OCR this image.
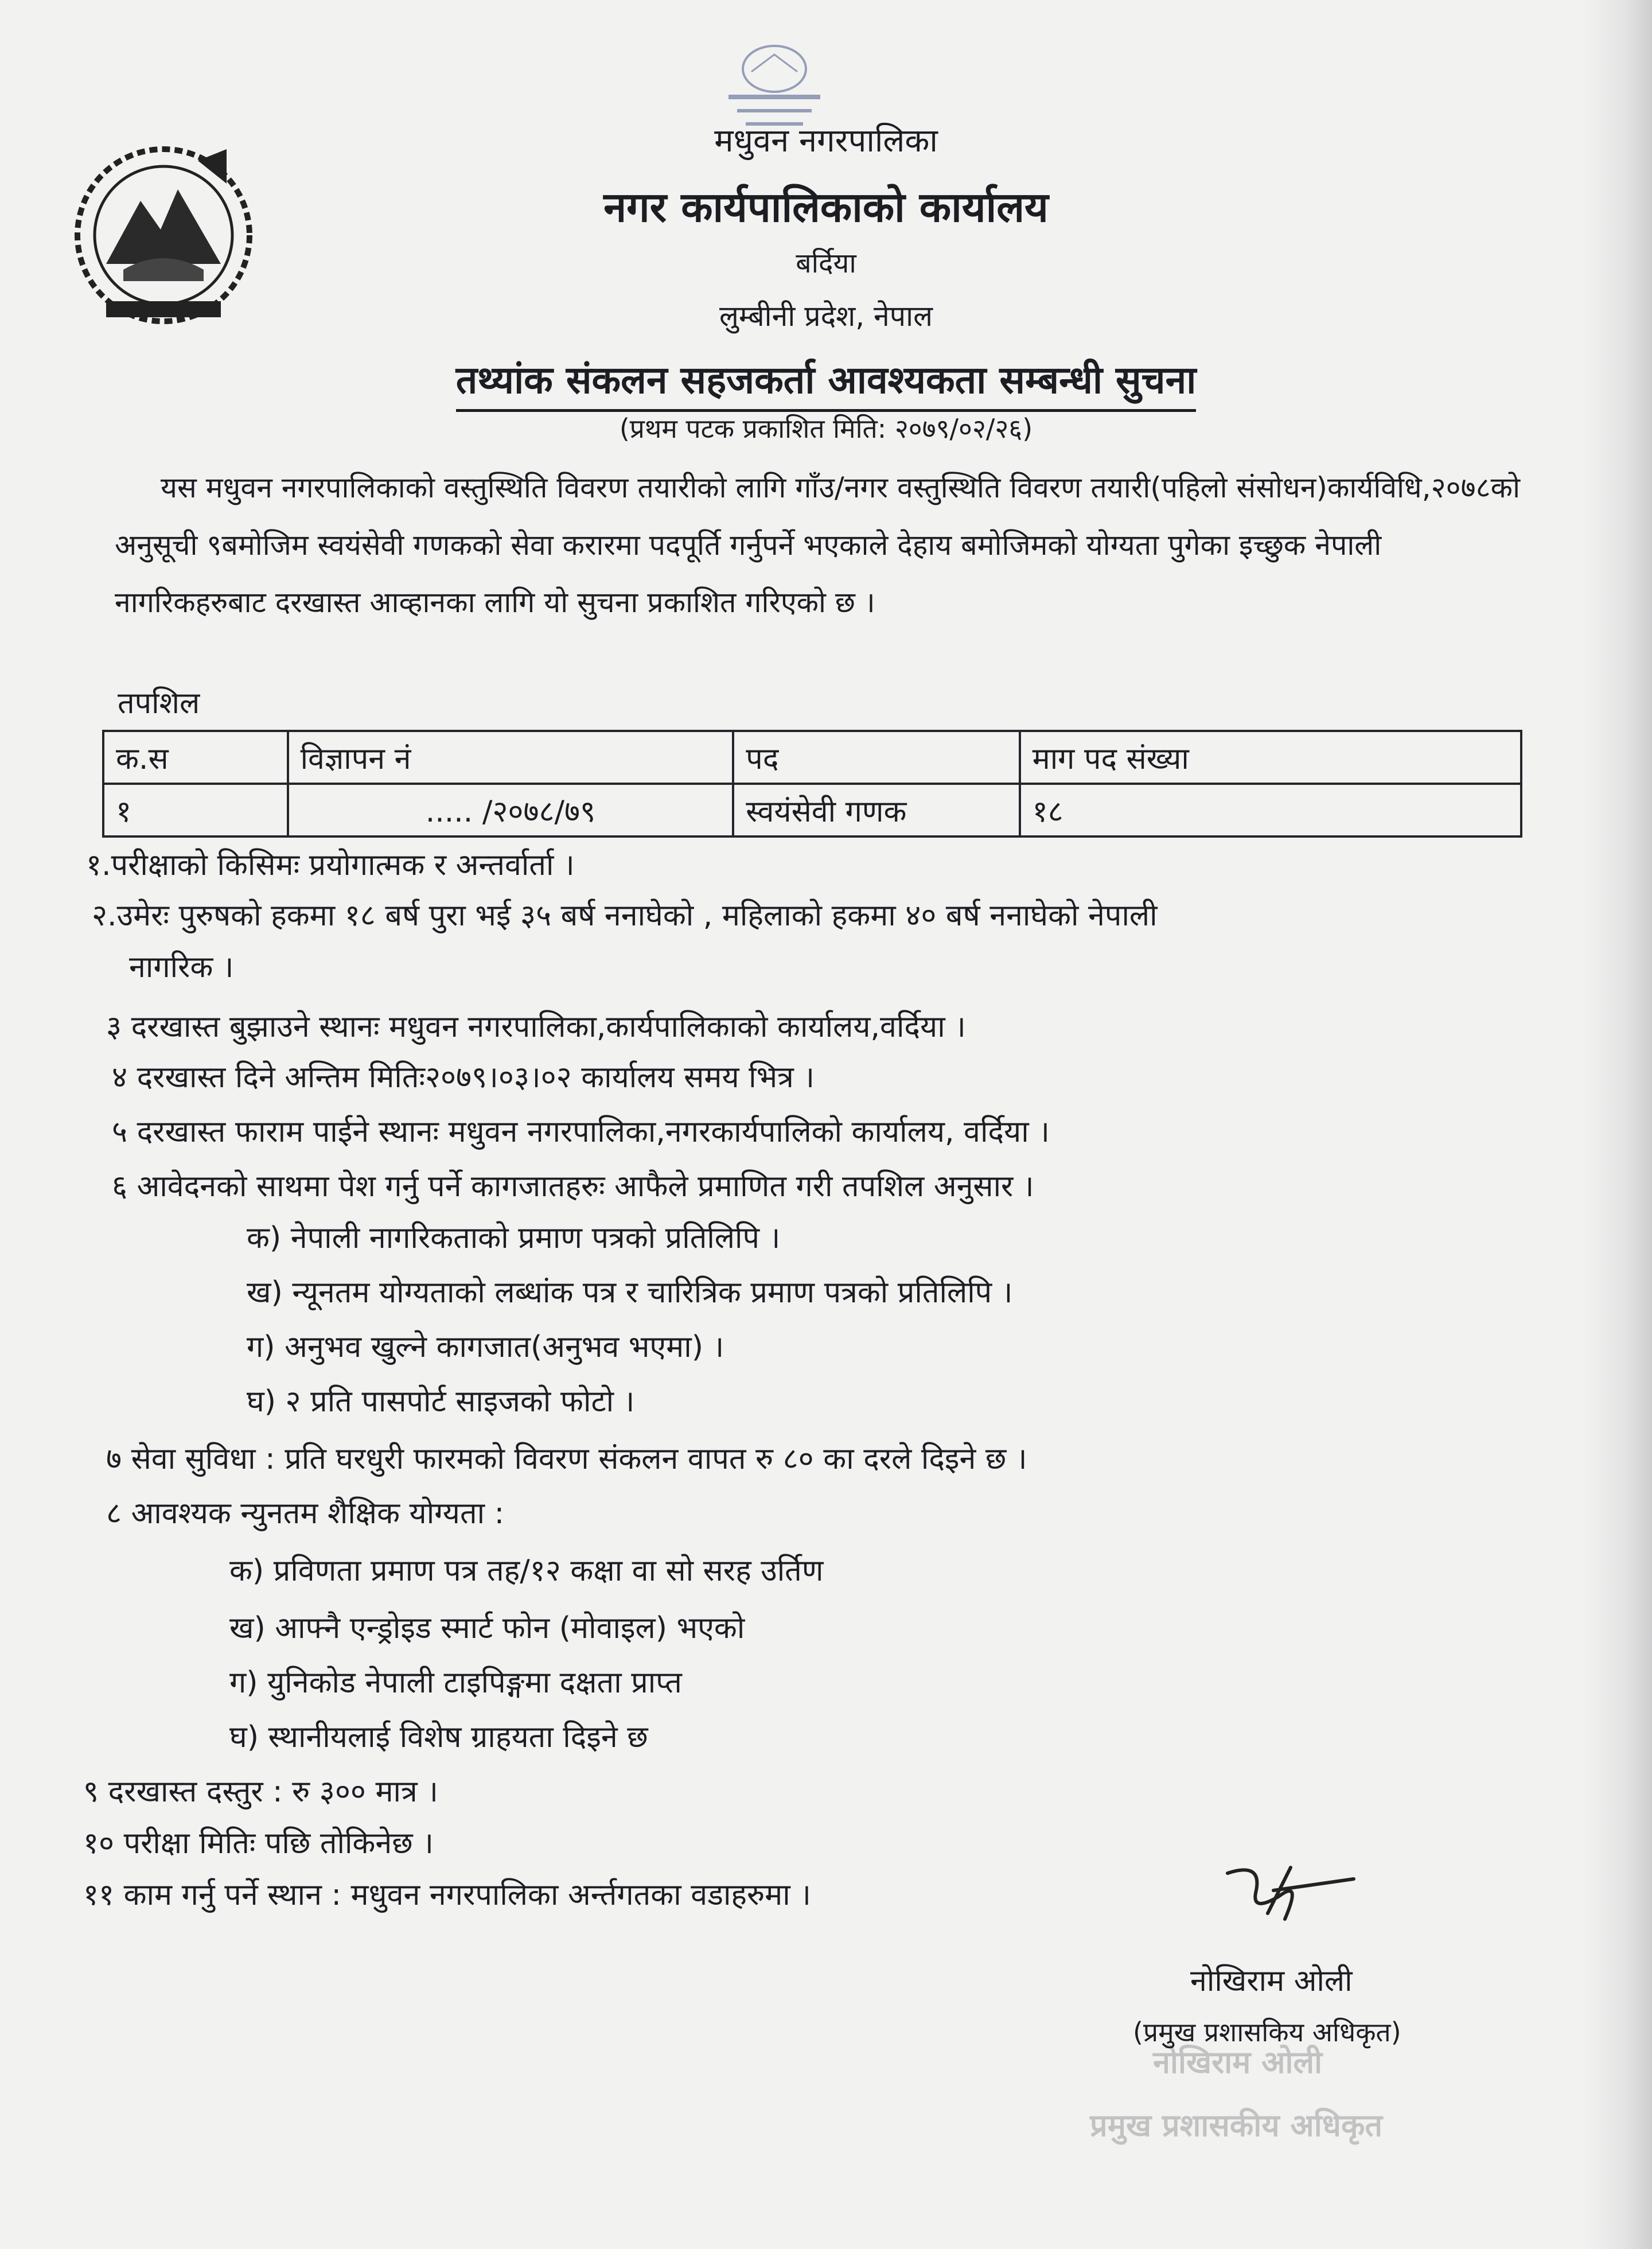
मधुवन नगरपालिका
नगर कार्यपालिकाको कार्यालय
बर्दिया
लुम्बीनी प्रदेश, नेपाल
तथ्यांक संकलन सहजकर्ता आवश्यकता सम्बन्धी सुचना
(प्रथम पटक प्रकाशित मिति: २०७९/०२/२६)
यस मधुवन नगरपालिकाको वस्तुस्थिति विवरण तयारीको लागि गाँउ/नगर वस्तुस्थिति विवरण तयारी(पहिलो संसोधन)कार्यविधि,२०७८को अनुसूची ९बमोजिम स्वयंसेवी गणकको सेवा करारमा पदपूर्ति गर्नुपर्ने भएकाले देहाय बमोजिमको योग्यता पुगेका इच्छुक नेपाली नागरिकहरुबाट दरखास्त आव्हानका लागि यो सुचना प्रकाशित गरिएको छ ।
तपशिल
क.स	विज्ञापन नं	पद	माग पद संख्या
१	..... /२०७८/७९	स्वयंसेवी गणक	१८
१.परीक्षाको किसिमः प्रयोगात्मक र अन्तर्वार्ता ।
२.उमेरः पुरुषको हकमा १८ बर्ष पुरा भई ३५ बर्ष ननाघेको , महिलाको हकमा ४० बर्ष ननाघेको नेपाली
नागरिक ।
३ दरखास्त बुझाउने स्थानः मधुवन नगरपालिका,कार्यपालिकाको कार्यालय,वर्दिया ।
४ दरखास्त दिने अन्तिम मितिः२०७९।०३।०२ कार्यालय समय भित्र ।
५ दरखास्त फाराम पाईने स्थानः मधुवन नगरपालिका,नगरकार्यपालिको कार्यालय, वर्दिया ।
६ आवेदनको साथमा पेश गर्नु पर्ने कागजातहरुः आफैले प्रमाणित गरी तपशिल अनुसार ।
क) नेपाली नागरिकताको प्रमाण पत्रको प्रतिलिपि ।
ख) न्यूनतम योग्यताको लब्धांक पत्र र चारित्रिक प्रमाण पत्रको प्रतिलिपि ।
ग) अनुभव खुल्ने कागजात(अनुभव भएमा) ।
घ) २ प्रति पासपोर्ट साइजको फोटो ।
७ सेवा सुविधा : प्रति घरधुरी फारमको विवरण संकलन वापत रु ८० का दरले दिइने छ ।
८ आवश्यक न्युनतम शैक्षिक योग्यता :
क) प्रविणता प्रमाण पत्र तह/१२ कक्षा वा सो सरह उर्तिण
ख) आफ्नै एन्ड्रोइड स्मार्ट फोन (मोवाइल) भएको
ग) युनिकोड नेपाली टाइपिङ्गमा दक्षता प्राप्त
घ) स्थानीयलाई विशेष ग्राहयता दिइने छ
९ दरखास्त दस्तुर : रु ३०० मात्र ।
१० परीक्षा मितिः पछि तोकिनेछ ।
११ काम गर्नु पर्ने स्थान : मधुवन नगरपालिका अर्न्तगतका वडाहरुमा ।
नोखिराम ओली
(प्रमुख प्रशासकिय अधिकृत)
नोखिराम ओली
प्रमुख प्रशासकीय अधिकृत
